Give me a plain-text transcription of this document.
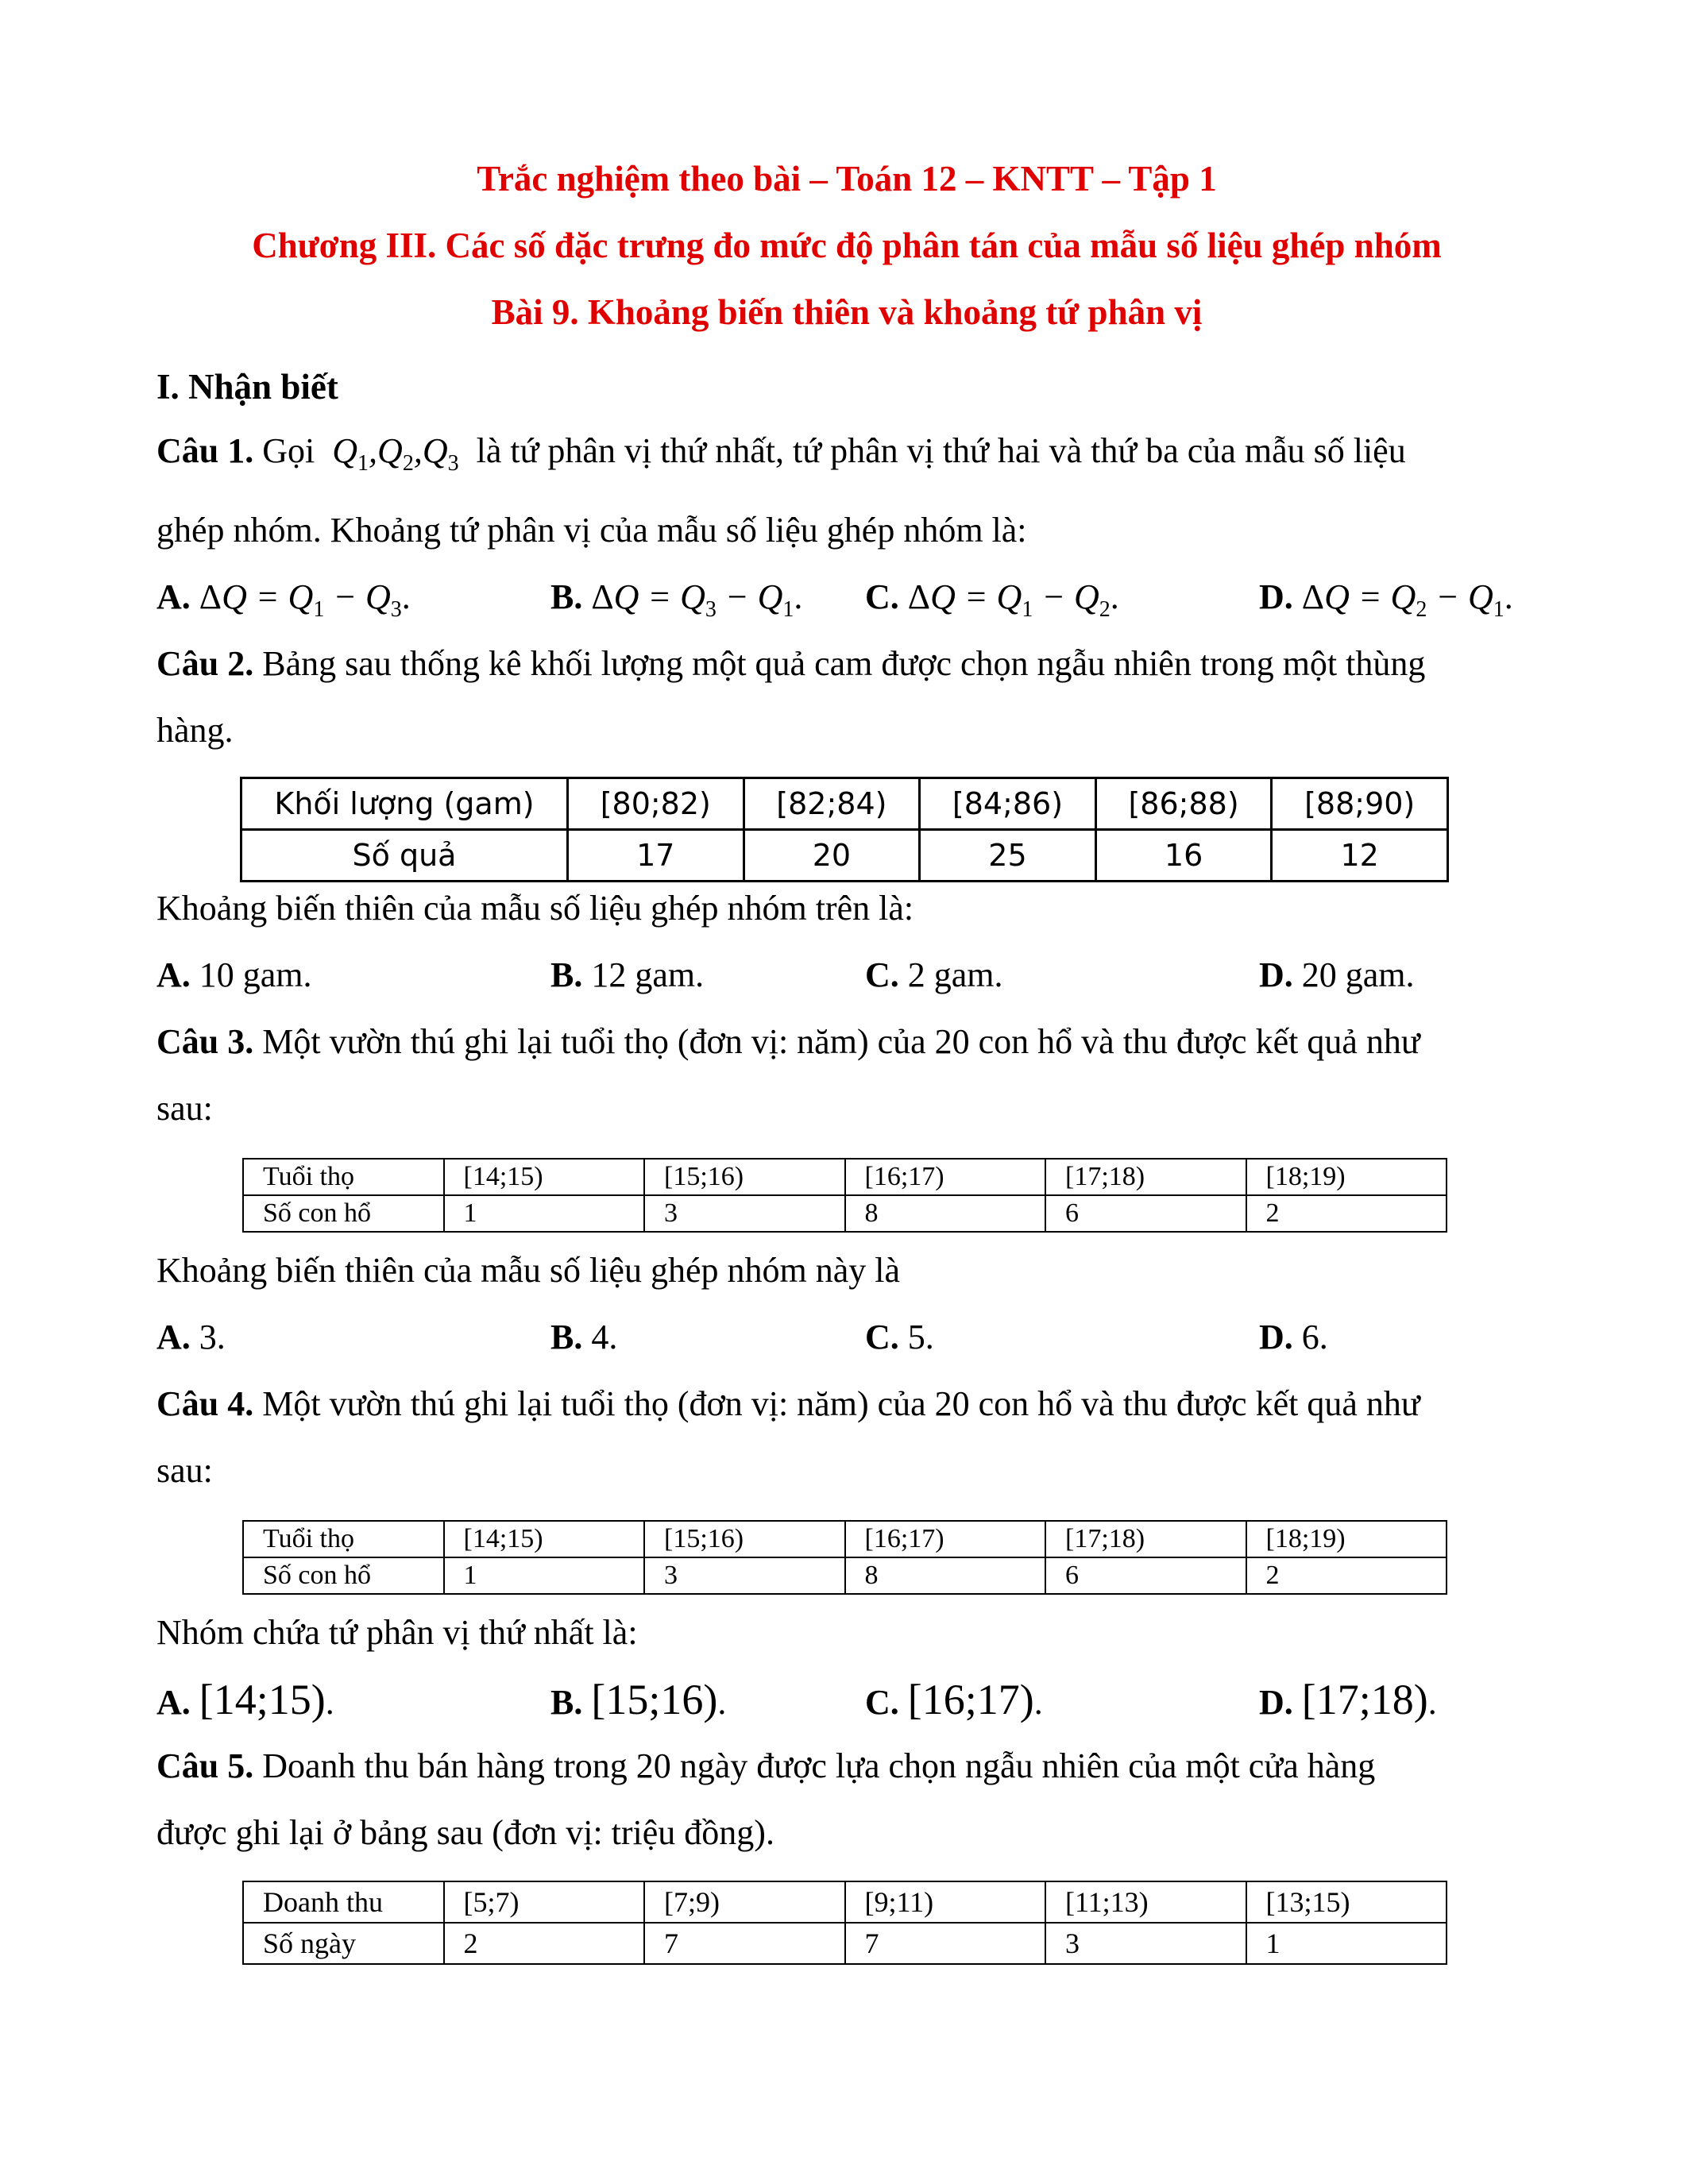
Trắc nghiệm theo bài – Toán 12 – KNTT – Tập 1
Chương III. Các số đặc trưng đo mức độ phân tán của mẫu số liệu ghép nhóm
Bài 9. Khoảng biến thiên và khoảng tứ phân vị
I. Nhận biết
Câu 1. Gọi  $Q_1,Q_2,Q_3$ là tứ phân vị thứ nhất, tứ phân vị thứ hai và thứ ba của mẫu số liệu
ghép nhóm. Khoảng tứ phân vị của mẫu số liệu ghép nhóm là:
A. $\Delta Q = Q_1 - Q_3$.	B. $\Delta Q = Q_3 - Q_1$. C. $\Delta Q = Q_1 - Q_2$.	D. $\Delta Q = Q_2 - Q_1$.
Câu 2. Bảng sau thống kê khối lượng một quả cam được chọn ngẫu nhiên trong một thùng
hàng.
Khối lượng (gam)	[80;82)	[82;84)	[84;86)	[86;88)	[88;90)
Số quả	17	20	25	16	12
Khoảng biến thiên của mẫu số liệu ghép nhóm trên là:
A. 10 gam.	B. 12 gam.	C. 2 gam.	D. 20 gam.
Câu 3. Một vườn thú ghi lại tuổi thọ (đơn vị: năm) của 20 con hổ và thu được kết quả như
sau:
Tuổi thọ	[14;15)	[15;16)	[16;17)	[17;18)	[18;19)
Số con hổ	1	3	8	6	2
Khoảng biến thiên của mẫu số liệu ghép nhóm này là
A. 3.	B. 4.	C. 5.	D. 6.
Câu 4. Một vườn thú ghi lại tuổi thọ (đơn vị: năm) của 20 con hổ và thu được kết quả như
sau:
Tuổi thọ	[14;15)	[15;16)	[16;17)	[17;18)	[18;19)
Số con hổ	1	3	8	6	2
Nhóm chứa tứ phân vị thứ nhất là:
A. [14;15).	B. [15;16).	C. [16;17).	D. [17;18).
Câu 5. Doanh thu bán hàng trong 20 ngày được lựa chọn ngẫu nhiên của một cửa hàng
được ghi lại ở bảng sau (đơn vị: triệu đồng).
Doanh thu	[5;7)	[7;9)	[9;11)	[11;13)	[13;15)
Số ngày	2	7	7	3	1
